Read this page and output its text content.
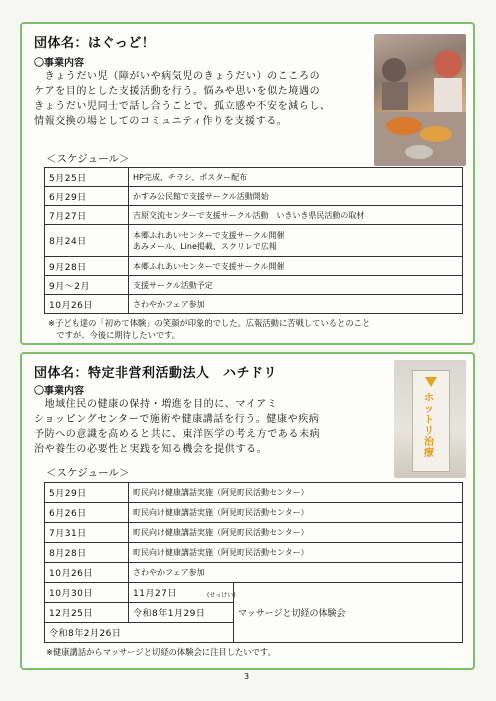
団体名：はぐっど！

〇事業内容

　きょうだい児（障がいや病気児のきょうだい）のこころの
ケアを目的とした支援活動を行う。悩みや思いを似た境遇の
きょうだい児同士で話し合うことで、孤立感や不安を減らし、
情報交換の場としてのコミュニティ作りを支援する。

＜スケジュール＞

5月25日	HP完成、チラシ、ポスター配布

6月29日	かすみ公民館で支援サークル活動開始

7月27日	吉原交流センターで支援サークル活動　いきいき県民活動の取材

8月24日	本郷ふれあいセンターで支援サークル開催
あみメール、Line掲載、スクリレで広報

9月28日	本郷ふれあいセンターで支援サークル開催

9月～2月	支援サークル活動予定

10月26日	さわやかフェア参加
※子ども達の「初めて体験」の笑顔が印象的でした。広報活動に苦戦しているとのこと
　ですが、今後に期待したいです。

団体名：特定非営利活動法人　ハチドリ

〇事業内容

　地域住民の健康の保持・増進を目的に、マイアミ
ショッピングセンターで施術や健康講話を行う。健康や疾病
予防への意識を高めると共に、東洋医学の考え方である未病
治や養生の必要性と実践を知る機会を提供する。
ホットリ治療

＜スケジュール＞

5月29日	町民向け健康講話実施（阿見町民活動センター）	
6月26日	町民向け健康講話実施（阿見町民活動センター）	
7月31日	町民向け健康講話実施（阿見町民活動センター）	
8月28日	町民向け健康講話実施（阿見町民活動センター）	
10月26日	さわやかフェア参加	
10月30日	11月27日	マッサージと切経の体験会
12月25日	令和8年1月29日	
令和8年2月26日		
(せっけい)

※健康講話からマッサージと切経の体験会に注目したいです。

3
